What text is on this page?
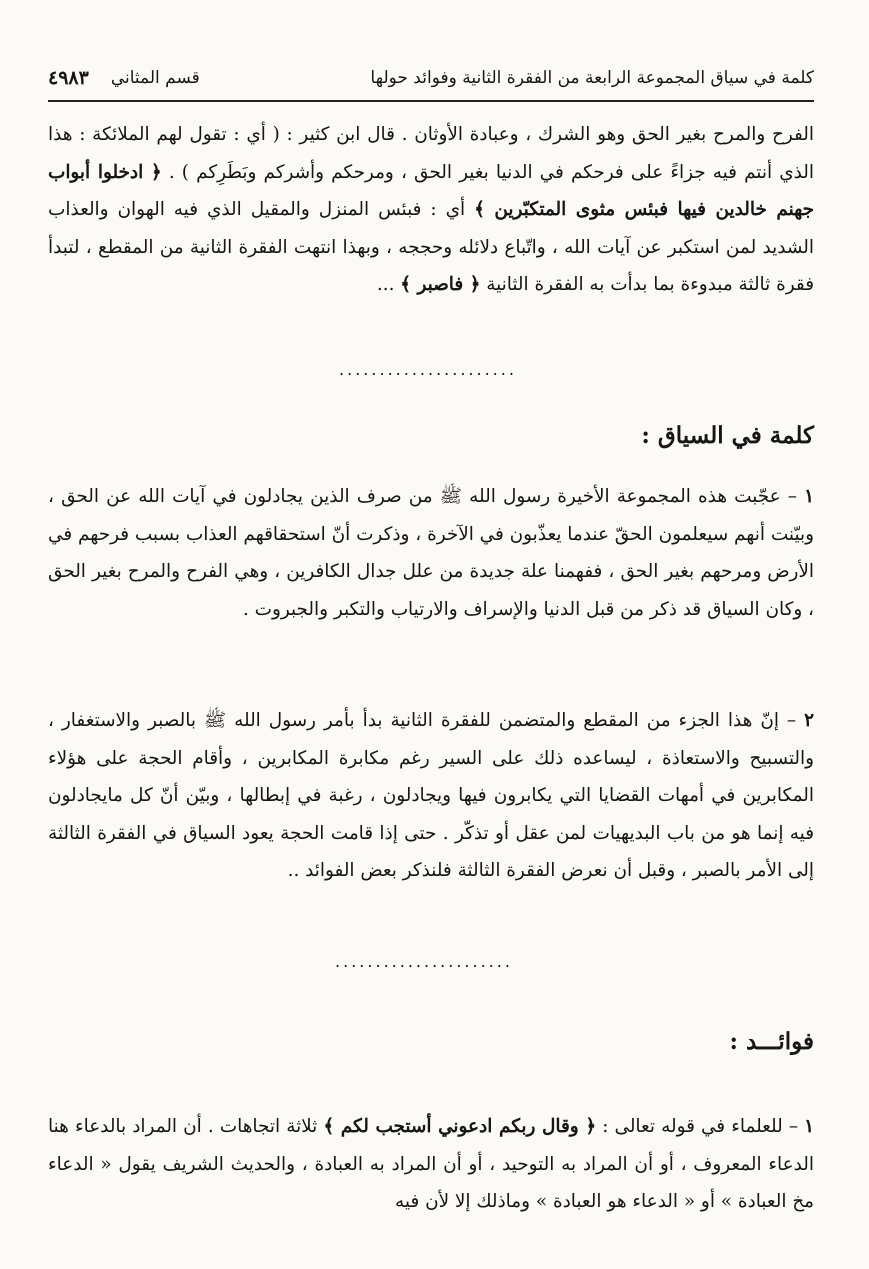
كلمة في سياق المجموعة الرابعة من الفقرة الثانية وفوائد حولها
قسم المثاني
٤٩٨٣

الفرح والمرح بغير الحق وهو الشرك ، وعبادة الأوثان . قال ابن كثير : ( أي : تقول لهم الملائكة : هذا الذي أنتم فيه جزاءً على فرحكم في الدنيا بغير الحق ، ومرحكم وأشركم وبَطَرِكم ) . ﴿ ادخلوا أبواب جهنم خالدين فيها فبئس مثوى المتكبّرين ﴾ أي : فبئس المنزل والمقيل الذي فيه الهوان والعذاب الشديد لمن استكبر عن آيات الله ، واتّباع دلائله وحججه ، وبهذا انتهت الفقرة الثانية من المقطع ، لتبدأ فقرة ثالثة مبدوءة بما بدأت به الفقرة الثانية ﴿ فاصبر ﴾ ...

......................
كلمة في السياق :

١ – عجّبت هذه المجموعة الأخيرة رسول الله ﷺ من صرف الذين يجادلون في آيات الله عن الحق ، وبيّنت أنهم سيعلمون الحقّ عندما يعذّبون في الآخرة ، وذكرت أنّ استحقاقهم العذاب بسبب فرحهم في الأرض ومرحهم بغير الحق ، ففهمنا علة جديدة من علل جدال الكافرين ، وهي الفرح والمرح بغير الحق ، وكان السياق قد ذكر من قبل الدنيا والإسراف والارتياب والتكبر والجبروت .

٢ – إنّ هذا الجزء من المقطع والمتضمن للفقرة الثانية بدأ بأمر رسول الله ﷺ بالصبر والاستغفار ، والتسبيح والاستعاذة ، ليساعده ذلك على السير رغم مكابرة المكابرين ، وأقام الحجة على هؤلاء المكابرين في أمهات القضايا التي يكابرون فيها ويجادلون ، رغبة في إبطالها ، وبيّن أنّ كل مايجادلون فيه إنما هو من باب البديهيات لمن عقل أو تذكّر . حتى إذا قامت الحجة يعود السياق في الفقرة الثالثة إلى الأمر بالصبر ، وقبل أن نعرض الفقرة الثالثة فلنذكر بعض الفوائد ..

......................
فوائـــد :

١ – للعلماء في قوله تعالى : ﴿ وقال ربكم ادعوني أستجب لكم ﴾ ثلاثة اتجاهات . أن المراد بالدعاء هنا الدعاء المعروف ، أو أن المراد به التوحيد ، أو أن المراد به العبادة ، والحديث الشريف يقول « الدعاء مخ العبادة » أو « الدعاء هو العبادة » وماذلك إلا لأن فيه
